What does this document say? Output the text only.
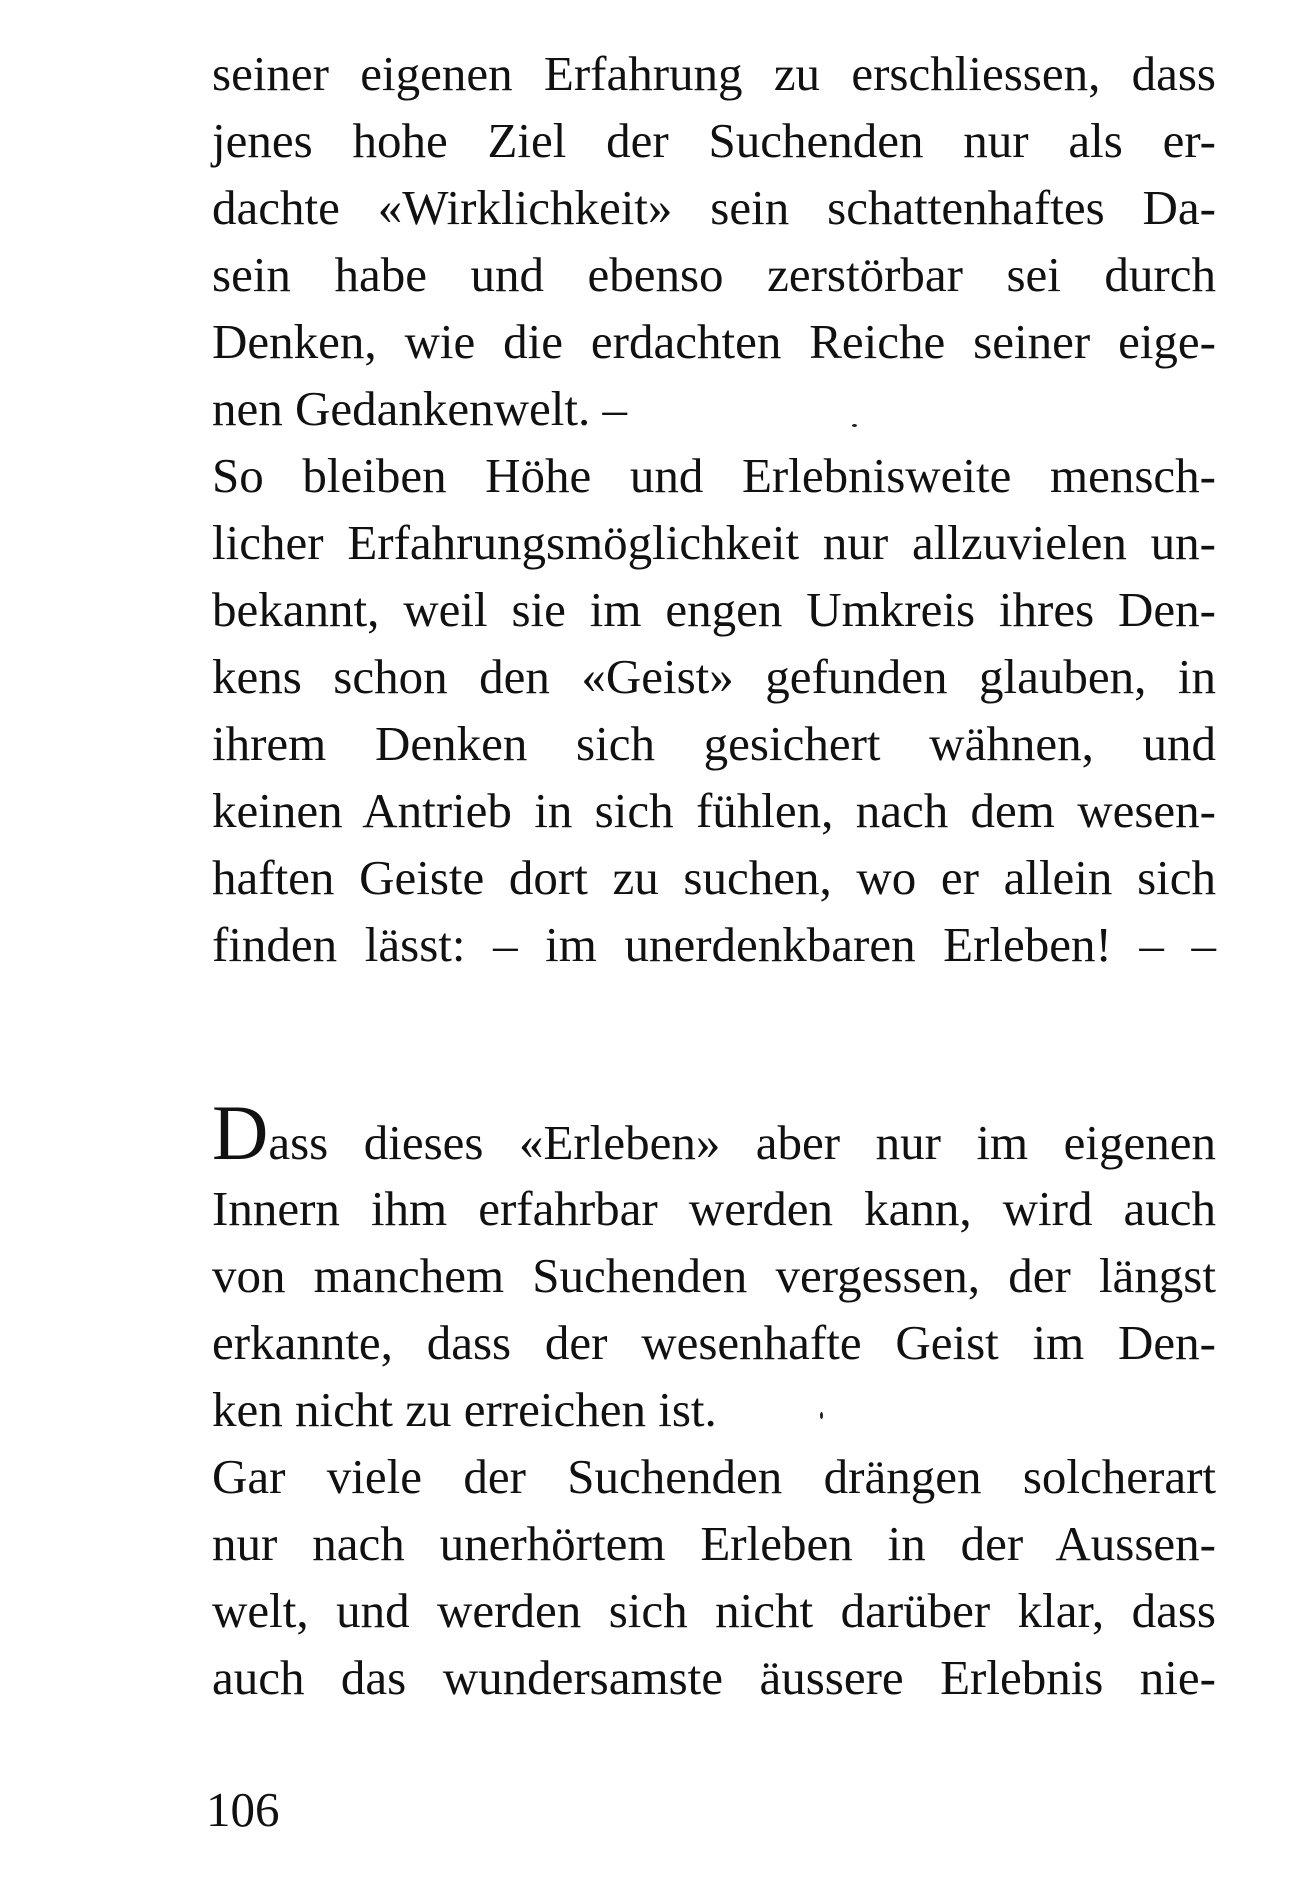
seiner eigenen Erfahrung zu erschliessen, dass
jenes hohe Ziel der Suchenden nur als er-
dachte «Wirklichkeit» sein schattenhaftes Da-
sein habe und ebenso zerstörbar sei durch
Denken, wie die erdachten Reiche seiner eige-
nen Gedankenwelt. –
So bleiben Höhe und Erlebnisweite mensch-
licher Erfahrungsmöglichkeit nur allzuvielen un-
bekannt, weil sie im engen Umkreis ihres Den-
kens schon den «Geist» gefunden glauben, in
ihrem Denken sich gesichert wähnen, und
keinen Antrieb in sich fühlen, nach dem wesen-
haften Geiste dort zu suchen, wo er allein sich
finden lässt: – im unerdenkbaren Erleben! – –
Dass dieses «Erleben» aber nur im eigenen
Innern ihm erfahrbar werden kann, wird auch
von manchem Suchenden vergessen, der längst
erkannte, dass der wesenhafte Geist im Den-
ken nicht zu erreichen ist.
Gar viele der Suchenden drängen solcherart
nur nach unerhörtem Erleben in der Aussen-
welt, und werden sich nicht darüber klar, dass
auch das wundersamste äussere Erlebnis nie-
106
